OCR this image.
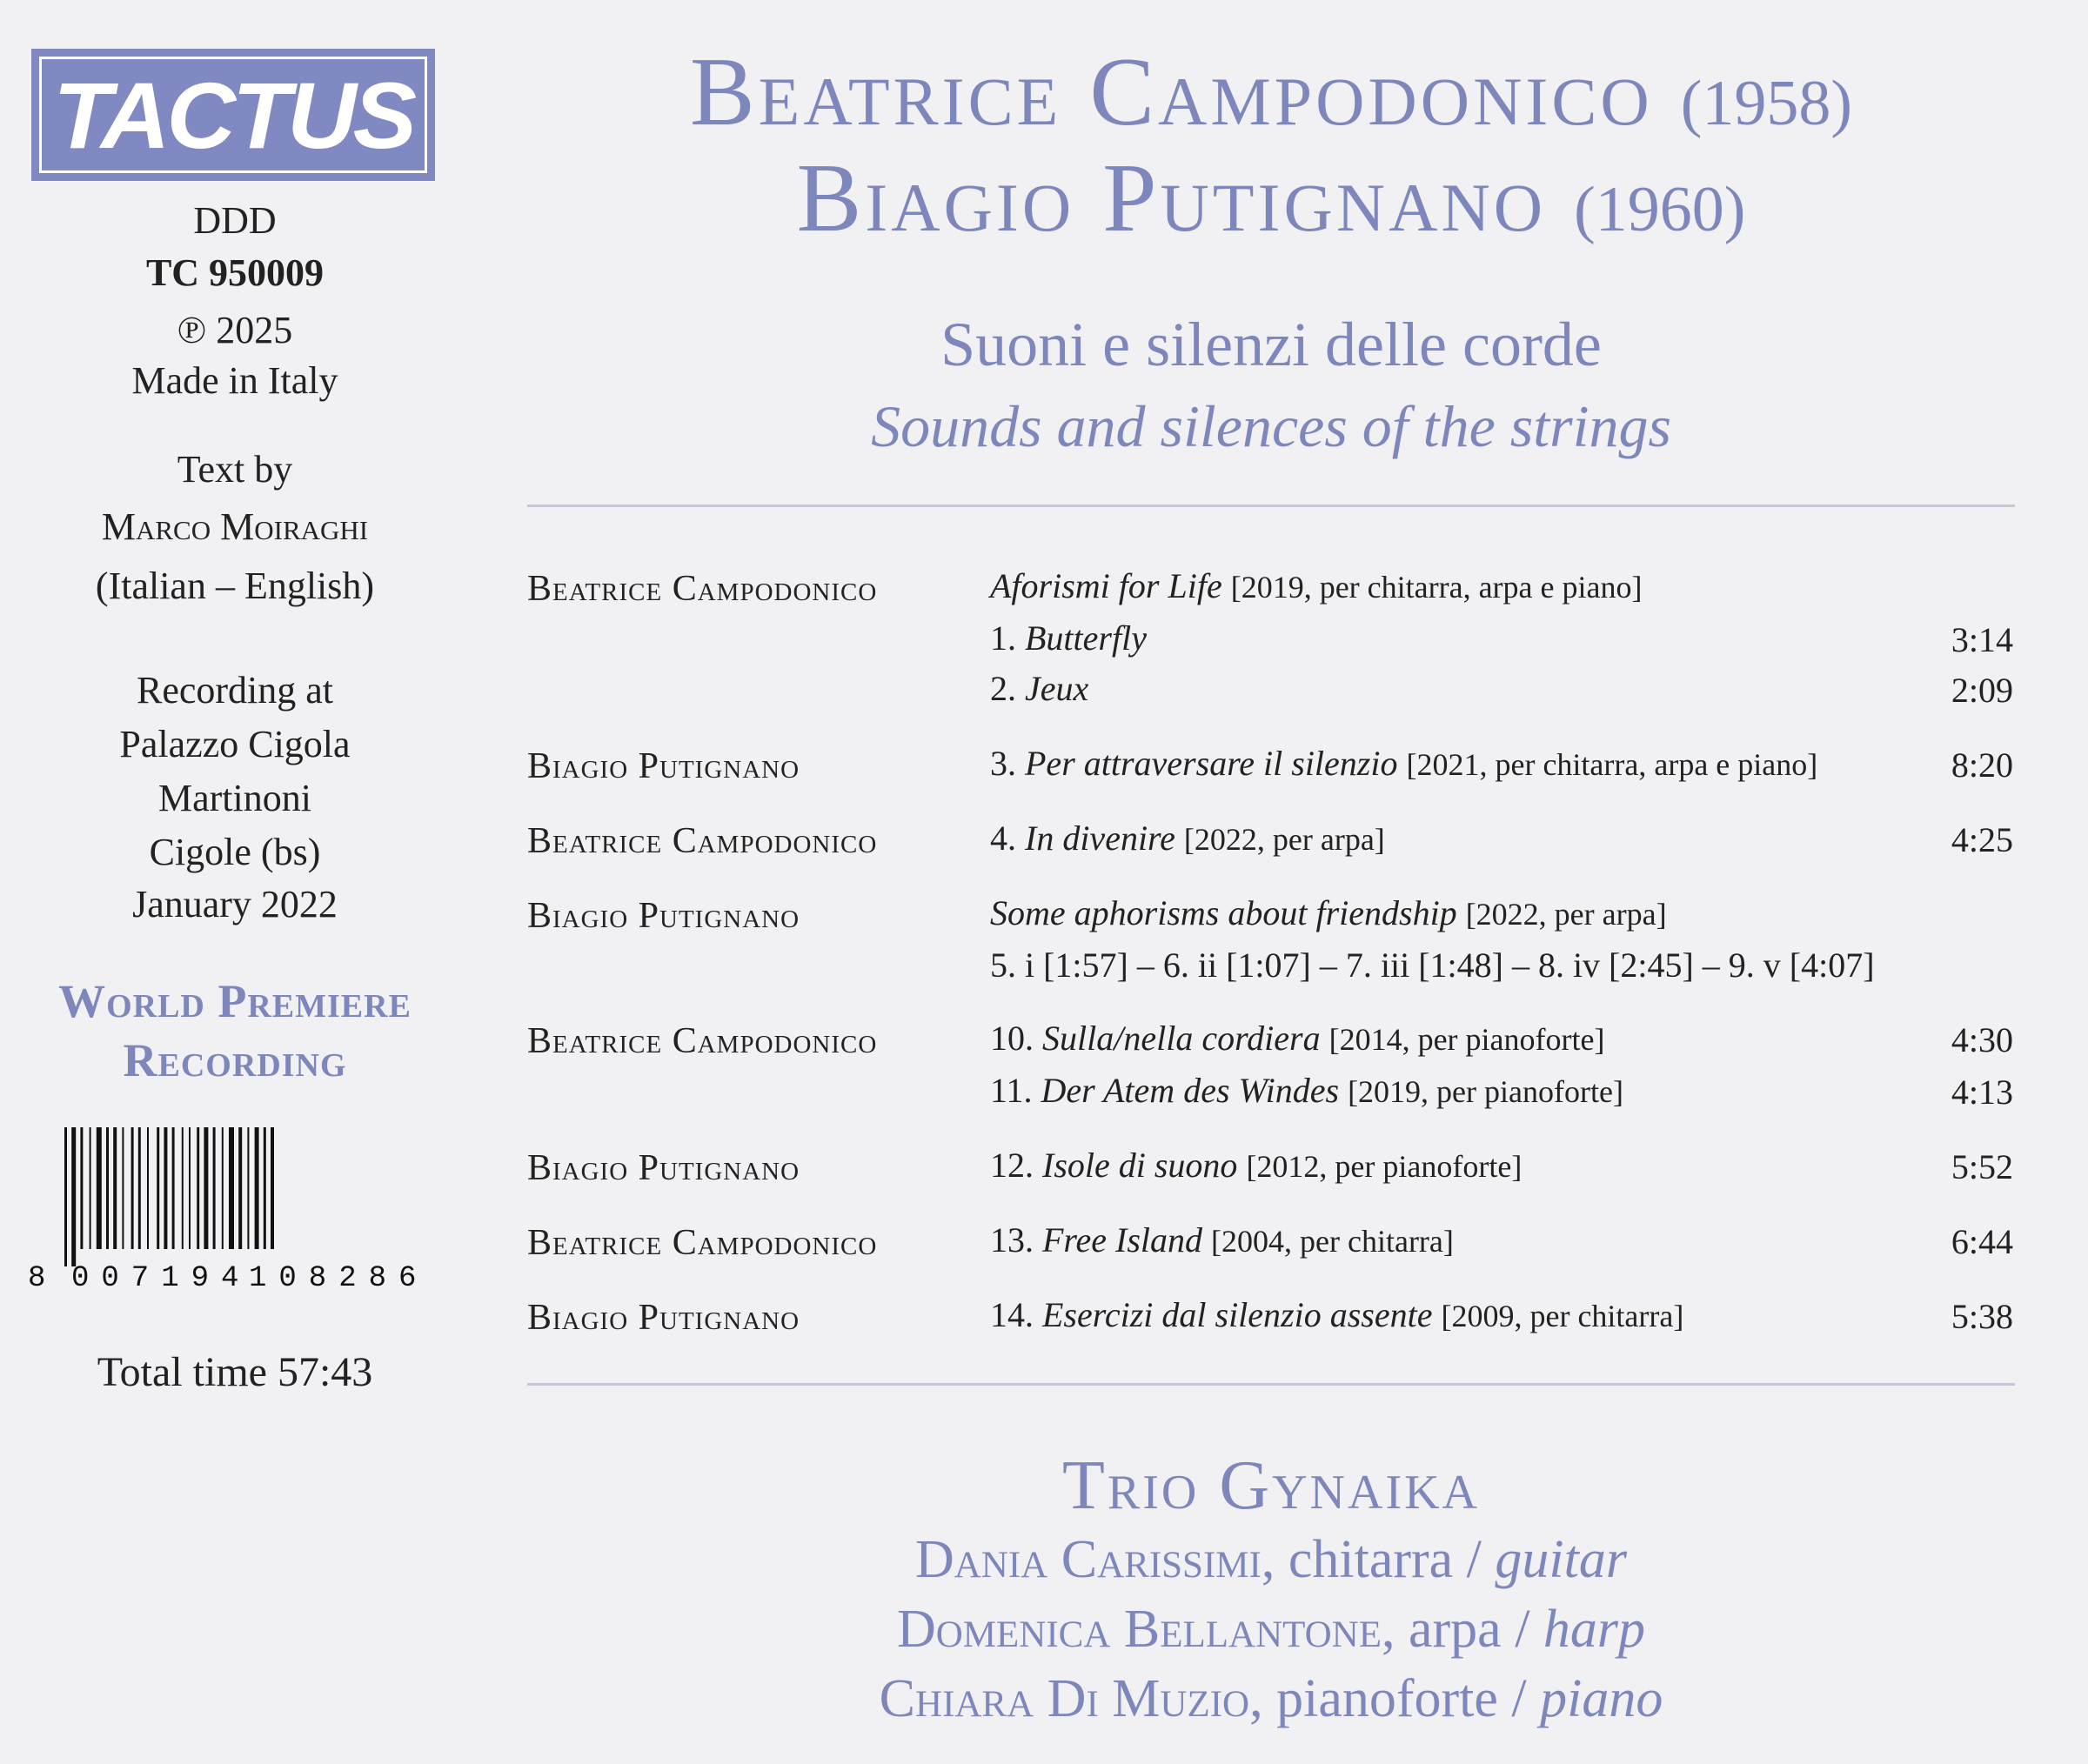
TACTUS
DDD
TC 950009
℗ 2025
Made in Italy
Text by
Marco Moiraghi
(Italian – English)
Recording at
Palazzo Cigola
Martinoni
Cigole (bs)
January 2022
World Premiere
Recording
8 007194
108286
Total time 57:43
Beatrice Campodonico (1958)
Biagio Putignano (1960)
Suoni e silenzi delle corde
Sounds and silences of the strings
Beatrice Campodonico	Aforismi for Life [2019, per chitarra, arpa e piano]
1. Butterfly	3:14
2. Jeux	2:09
Biagio Putignano	3. Per attraversare il silenzio [2021, per chitarra, arpa e piano]	8:20
Beatrice Campodonico	4. In divenire [2022, per arpa]	4:25
Biagio Putignano	Some aphorisms about friendship [2022, per arpa]
5. i [1:57] – 6. ii [1:07] – 7. iii [1:48] – 8. iv [2:45] – 9. v [4:07]
Beatrice Campodonico	10. Sulla/nella cordiera [2014, per pianoforte]	4:30
11. Der Atem des Windes [2019, per pianoforte]	4:13
Biagio Putignano	12. Isole di suono [2012, per pianoforte]	5:52
Beatrice Campodonico	13. Free Island [2004, per chitarra]	6:44
Biagio Putignano	14. Esercizi dal silenzio assente [2009, per chitarra]	5:38
Trio Gynaika
Dania Carissimi, chitarra / guitar
Domenica Bellantone, arpa / harp
Chiara Di Muzio, pianoforte / piano
